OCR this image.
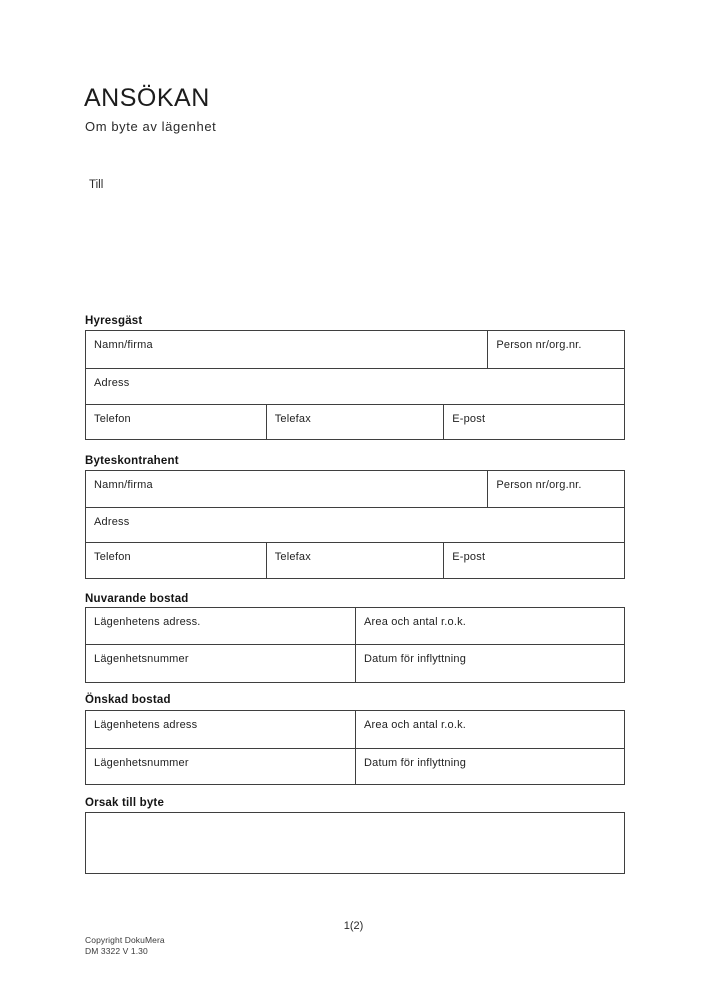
ANSÖKAN
Om byte av lägenhet
Till
Hyresgäst
Namn/firma	Person nr/org.nr.
Adress
Telefon	Telefax	E-post
Byteskontrahent
Namn/firma	Person nr/org.nr.
Adress
Telefon	Telefax	E-post
Nuvarande bostad
Lägenhetens adress.	Area och antal r.o.k.
Lägenhetsnummer	Datum för inflyttning
Önskad bostad
Lägenhetens adress	Area och antal r.o.k.
Lägenhetsnummer	Datum för inflyttning
Orsak till byte
1(2)
Copyright DokuMera
DM 3322 V 1.30
